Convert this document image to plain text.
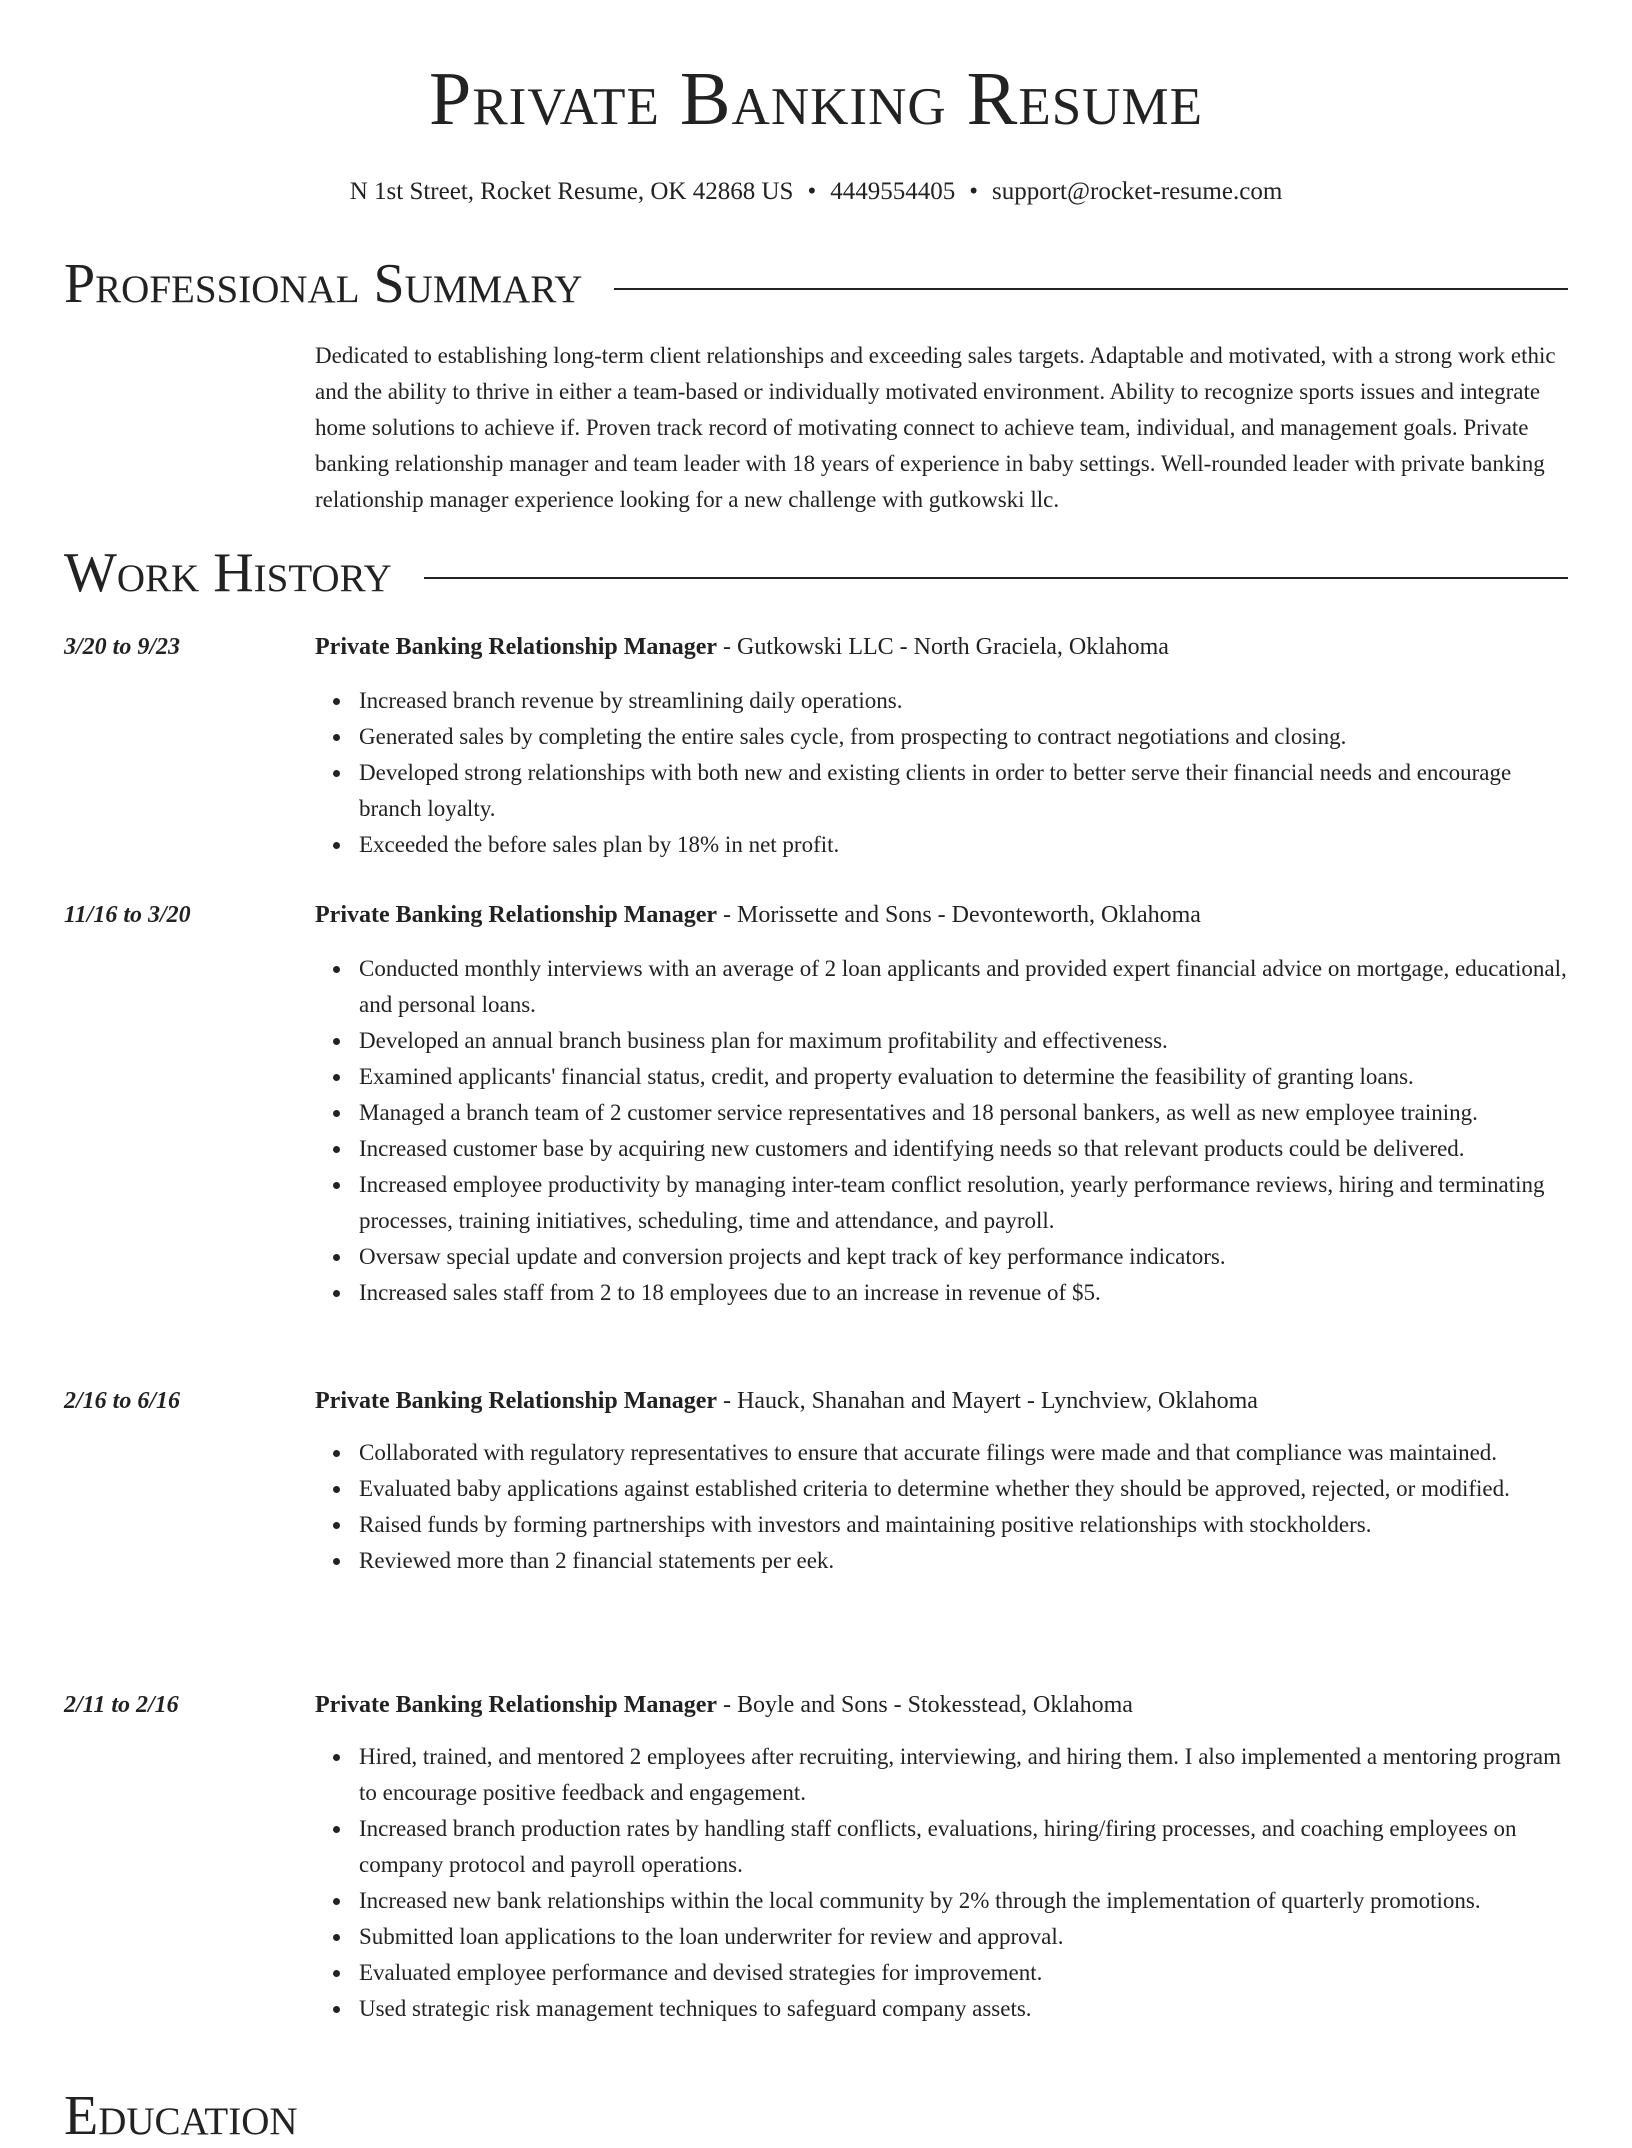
Private Banking Resume
N 1st Street, Rocket Resume, OK 42868 US • 4449554405 • support@rocket-resume.com
Professional Summary

Dedicated to establishing long-term client relationships and exceeding sales targets. Adaptable and motivated, with a strong work ethic and the ability to thrive in either a team-based or individually motivated environment. Ability to recognize sports issues and integrate home solutions to achieve if. Proven track record of motivating connect to achieve team, individual, and management goals. Private banking relationship manager and team leader with 18 years of experience in baby settings. Well-rounded leader with private banking relationship manager experience looking for a new challenge with gutkowski llc.

Work History
3/20 to 9/23	Private Banking Relationship Manager - Gutkowski LLC - North Graciela, Oklahoma
Increased branch revenue by streamlining daily operations.
Generated sales by completing the entire sales cycle, from prospecting to contract negotiations and closing.
Developed strong relationships with both new and existing clients in order to better serve their financial needs and encourage branch loyalty.
Exceeded the before sales plan by 18% in net profit.
11/16 to 3/20	Private Banking Relationship Manager - Morissette and Sons - Devonteworth, Oklahoma
Conducted monthly interviews with an average of 2 loan applicants and provided expert financial advice on mortgage, educational, and personal loans.
Developed an annual branch business plan for maximum profitability and effectiveness.
Examined applicants' financial status, credit, and property evaluation to determine the feasibility of granting loans.
Managed a branch team of 2 customer service representatives and 18 personal bankers, as well as new employee training.
Increased customer base by acquiring new customers and identifying needs so that relevant products could be delivered.
Increased employee productivity by managing inter-team conflict resolution, yearly performance reviews, hiring and terminating processes, training initiatives, scheduling, time and attendance, and payroll.
Oversaw special update and conversion projects and kept track of key performance indicators.
Increased sales staff from 2 to 18 employees due to an increase in revenue of $5.
2/16 to 6/16	Private Banking Relationship Manager - Hauck, Shanahan and Mayert - Lynchview, Oklahoma
Collaborated with regulatory representatives to ensure that accurate filings were made and that compliance was maintained.
Evaluated baby applications against established criteria to determine whether they should be approved, rejected, or modified.
Raised funds by forming partnerships with investors and maintaining positive relationships with stockholders.
Reviewed more than 2 financial statements per eek.
2/11 to 2/16	Private Banking Relationship Manager - Boyle and Sons - Stokesstead, Oklahoma
Hired, trained, and mentored 2 employees after recruiting, interviewing, and hiring them. I also implemented a mentoring program to encourage positive feedback and engagement.
Increased branch production rates by handling staff conflicts, evaluations, hiring/firing processes, and coaching employees on company protocol and payroll operations.
Increased new bank relationships within the local community by 2% through the implementation of quarterly promotions.
Submitted loan applications to the loan underwriter for review and approval.
Evaluated employee performance and devised strategies for improvement.
Used strategic risk management techniques to safeguard company assets.
Education
